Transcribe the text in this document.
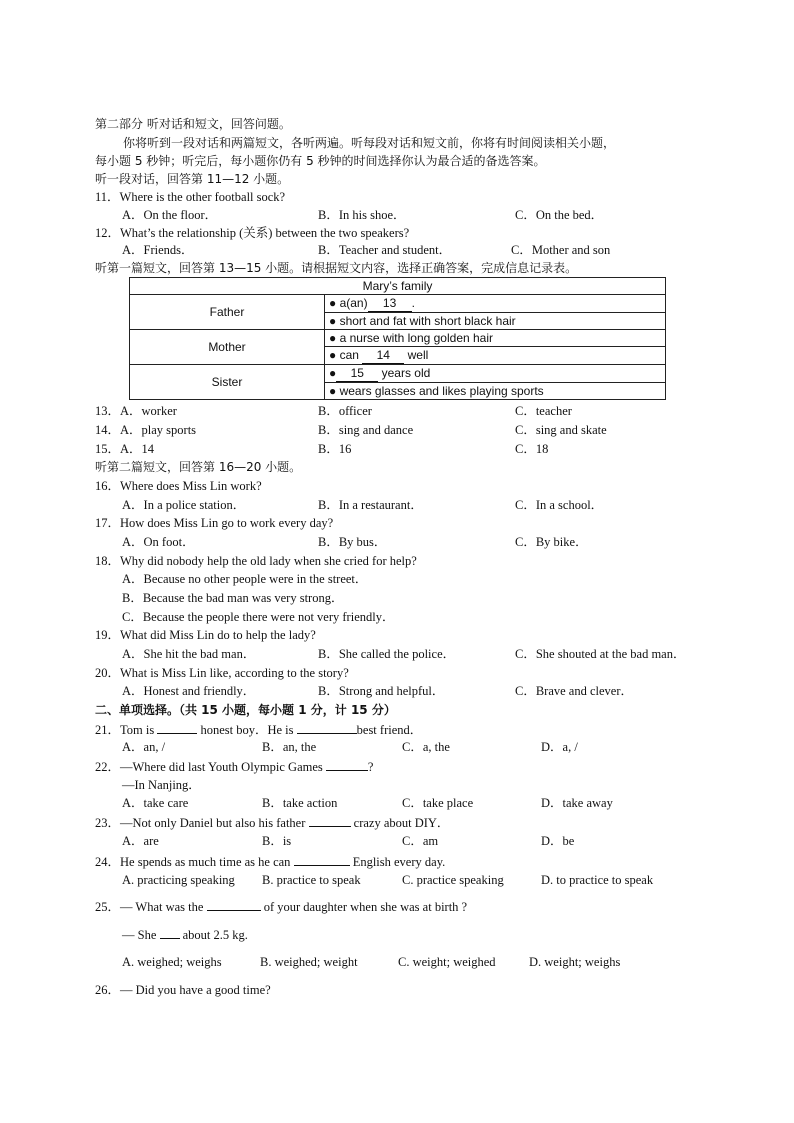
第二部分 听对话和短文，回答问题。
你将听到一段对话和两篇短文，各听两遍。听每段对话和短文前，你将有时间阅读相关小题，
每小题 5 秒钟；听完后，每小题你仍有 5 秒钟的时间选择你认为最合适的备选答案。
听一段对话，回答第 11—12 小题。
11．Where is the other football sock?
A．On the floor．	B．In his shoe．	C．On the bed．
12．What’s the relationship (关系) between the two speakers?
A．Friends．	B．Teacher and student．	C．Mother and son
听第一篇短文，回答第 13—15 小题。请根据短文内容，选择正确答案，完成信息记录表。
Mary’s family	
Father	● a(an) 13 .
	● short and fat with short black hair
Mother	● a nurse with long golden hair
	● can 14 well
Sister	● 15 years old
	● wears glasses and likes playing sports
13．A．worker	B．officer	C．teacher
14．A．play sports	B．sing and dance	C．sing and skate
15．A．14	B．16	C．18
听第二篇短文，回答第 16—20 小题。
16．Where does Miss Lin work?
A．In a police station．	B．In a restaurant．	C．In a school．
17．How does Miss Lin go to work every day?
A．On foot．	B．By bus．	C．By bike．
18．Why did nobody help the old lady when she cried for help?
A．Because no other people were in the street．
B．Because the bad man was very strong．
C．Because the people there were not very friendly．
19．What did Miss Lin do to help the lady?
A．She hit the bad man．	B．She called the police．	C．She shouted at the bad man．
20．What is Miss Lin like, according to the story?
A．Honest and friendly．	B．Strong and helpful．	C．Brave and clever．
二、单项选择。（共 15 小题，每小题 1 分，计 15 分）
21．Tom is	honest boy．He is	best friend．
A．an, /	B．an, the	C．a, the	D．a, /
22．—Where did last Youth Olympic Games	?
—In Nanjing．
A．take care	B．take action	C．take place	D．take away
23．—Not only Daniel but also his father	crazy about DIY．
A．are	B．is	C．am	D．be
24．He spends as much time as he can	English every day.
A. practicing speaking B. practice to speak	C. practice speaking	D. to practice to speak
25．— What was the	of your daughter when she was at birth ?
— She about 2.5 kg.
A. weighed; weighs	B. weighed; weight	C. weight; weighed	D. weight; weighs
26．— Did you have a good time?
